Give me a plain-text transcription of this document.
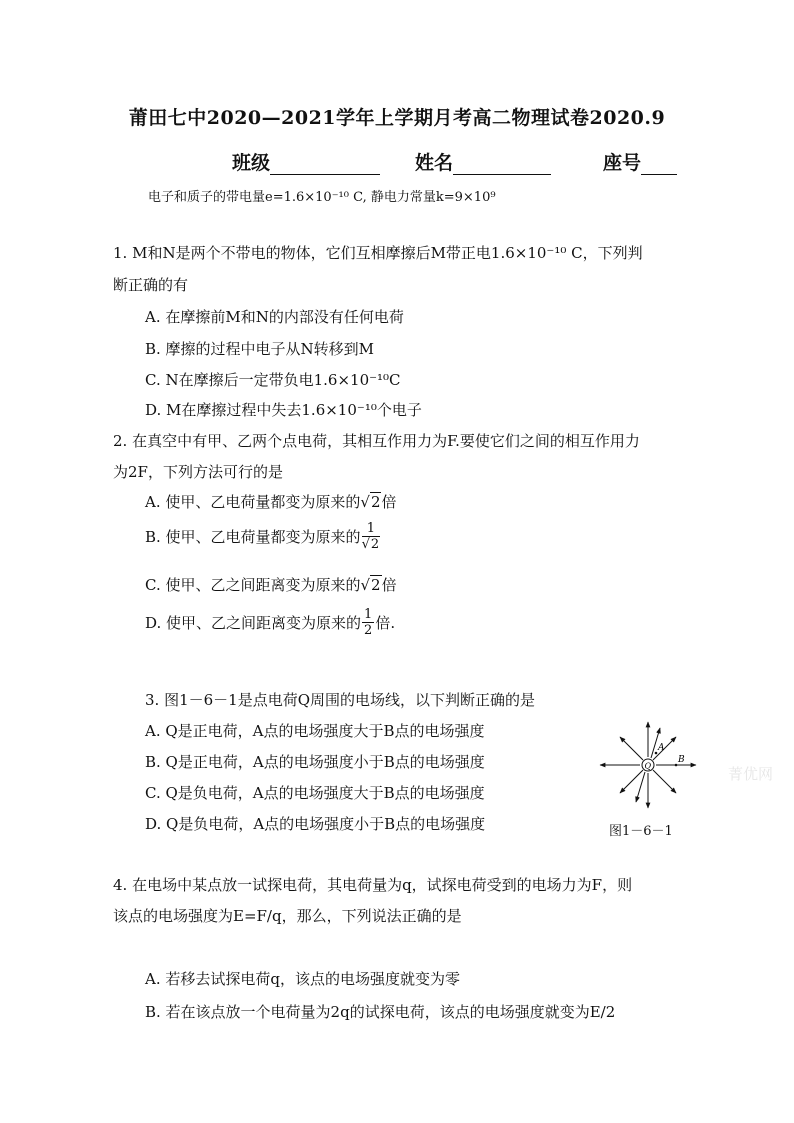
莆田七中2020—2021学年上学期月考高二物理试卷2020.9
班级	姓名	座号
电子和质子的带电量e=1.6×10⁻¹⁰ C, 静电力常量k=9×10⁹
1. M和N是两个不带电的物体，它们互相摩擦后M带正电1.6×10⁻¹⁰ C，下列判
断正确的有
A. 在摩擦前M和N的内部没有任何电荷
B. 摩擦的过程中电子从N转移到M
C. N在摩擦后一定带负电1.6×10⁻¹⁰C
D. M在摩擦过程中失去1.6×10⁻¹⁰个电子
2. 在真空中有甲、乙两个点电荷，其相互作用力为F.要使它们之间的相互作用力
为2F，下列方法可行的是
A. 使甲、乙电荷量都变为原来的√2倍
B. 使甲、乙电荷量都变为原来的 $\frac{1}{√2}$
C. 使甲、乙之间距离变为原来的√2倍
D. 使甲、乙之间距离变为原来的 $\frac{1}{2}$ 倍.
3. 图1－6－1是点电荷Q周围的电场线，以下判断正确的是
A. Q是正电荷，A点的电场强度大于B点的电场强度
B. Q是正电荷，A点的电场强度小于B点的电场强度
C. Q是负电荷，A点的电场强度大于B点的电场强度
D. Q是负电荷，A点的电场强度小于B点的电场强度
Q
A
B
菁优网
图1－6－1
4. 在电场中某点放一试探电荷，其电荷量为q，试探电荷受到的电场力为F，则
该点的电场强度为E=F/q，那么，下列说法正确的是
A. 若移去试探电荷q，该点的电场强度就变为零
B. 若在该点放一个电荷量为2q的试探电荷，该点的电场强度就变为E/2
